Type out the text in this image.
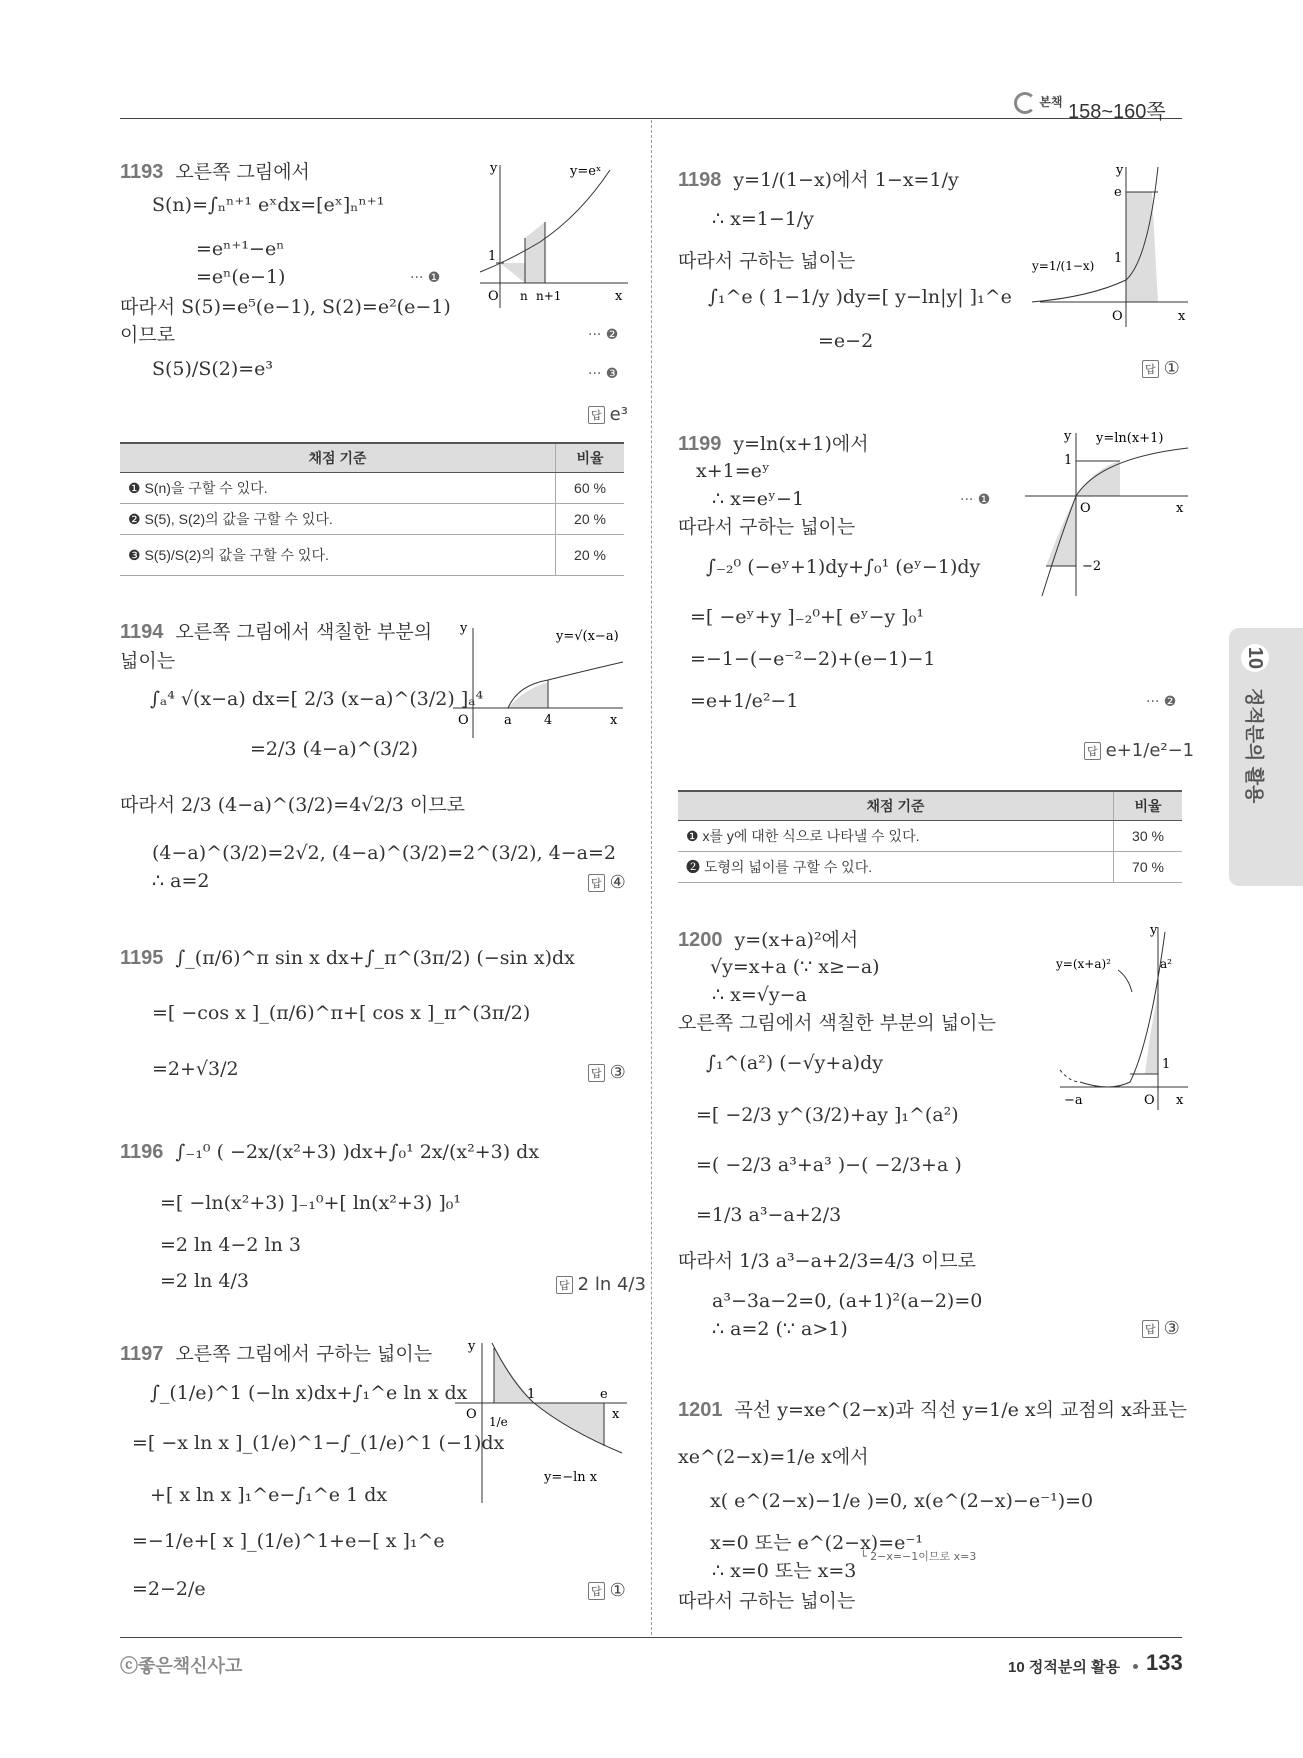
본책 158~160쪽
1193 오른쪽 그림에서
S(n)=∫ₙⁿ⁺¹ eˣdx=[eˣ]ₙⁿ⁺¹
=eⁿ⁺¹−eⁿ
=eⁿ(e−1)	··· ❶
따라서 S(5)=e⁵(e−1), S(2)=e²(e−1)
이므로	··· ❷
S(5)/S(2)=e³	··· ❸
답 e³
y
x
O
1
n n+1
y=eˣ
채점 기준	비율
❶ S(n)을 구할 수 있다.	60 %
❷ S(5), S(2)의 값을 구할 수 있다.	20 %
❸ S(5)/S(2)의 값을 구할 수 있다.	20 %
1194 오른쪽 그림에서 색칠한 부분의
넓이는
∫ₐ⁴ √(x−a) dx=[ 2/3 (x−a)^(3/2) ]ₐ⁴
=2/3 (4−a)^(3/2)
따라서 2/3 (4−a)^(3/2)=4√2/3 이므로
(4−a)^(3/2)=2√2, (4−a)^(3/2)=2^(3/2), 4−a=2
∴ a=2	답 ④
y
x
O	a 4
y=√(x−a)
1195 ∫_(π/6)^π sin x dx+∫_π^(3π/2) (−sin x)dx
=[ −cos x ]_(π/6)^π+[ cos x ]_π^(3π/2)
=2+√3/2	답 ③
1196 ∫₋₁⁰ ( −2x/(x²+3) )dx+∫₀¹ 2x/(x²+3) dx
=[ −ln(x²+3) ]₋₁⁰+[ ln(x²+3) ]₀¹
=2 ln 4−2 ln 3
=2 ln 4/3	답 2 ln 4/3
1197 오른쪽 그림에서 구하는 넓이는
∫_(1/e)^1 (−ln x)dx+∫₁^e ln x dx
=[ −x ln x ]_(1/e)^1−∫_(1/e)^1 (−1)dx
+[ x ln x ]₁^e−∫₁^e 1 dx
=−1/e+[ x ]_(1/e)^1+e−[ x ]₁^e
=2−2/e	답 ①
y
x
O 1/e
1	e
y=−ln x
1198 y=1/(1−x)에서 1−x=1/y
∴ x=1−1/y
따라서 구하는 넓이는
∫₁^e ( 1−1/y )dy=[ y−ln|y| ]₁^e
=e−2
답 ①
y
x
O
e
1
y=1/(1−x)
1199 y=ln(x+1)에서
x+1=eʸ
∴ x=eʸ−1	··· ❶
따라서 구하는 넓이는
∫₋₂⁰ (−eʸ+1)dy+∫₀¹ (eʸ−1)dy
=[ −eʸ+y ]₋₂⁰+[ eʸ−y ]₀¹
=−1−(−e⁻²−2)+(e−1)−1
=e+1/e²−1	··· ❷
답 e+1/e²−1
y
x
O
1
−2
y=ln(x+1)
채점 기준	비율
❶ x를 y에 대한 식으로 나타낼 수 있다.	30 %
❷ 도형의 넓이를 구할 수 있다.	70 %
1200 y=(x+a)²에서
√y=x+a (∵ x≥−a)
∴ x=√y−a
오른쪽 그림에서 색칠한 부분의 넓이는
∫₁^(a²) (−√y+a)dy
=[ −2/3 y^(3/2)+ay ]₁^(a²)
=( −2/3 a³+a³ )−( −2/3+a )
=1/3 a³−a+2/3
따라서 1/3 a³−a+2/3=4/3 이므로
a³−3a−2=0, (a+1)²(a−2)=0
∴ a=2 (∵ a>1)	답 ③
y
x
O
a²
1
−a
y=(x+a)²
1201 곡선 y=xe^(2−x)과 직선 y=1/e x의 교점의 x좌표는
xe^(2−x)=1/e x에서
x( e^(2−x)−1/e )=0, x(e^(2−x)−e⁻¹)=0
x=0 또는 e^(2−x)=e⁻¹
∴ x=0 또는 x=3
└ 2−x=−1이므로 x=3
따라서 구하는 넓이는
10
정적분의 활용
ⓒ좋은책신사고	10 정적분의 활용 133
